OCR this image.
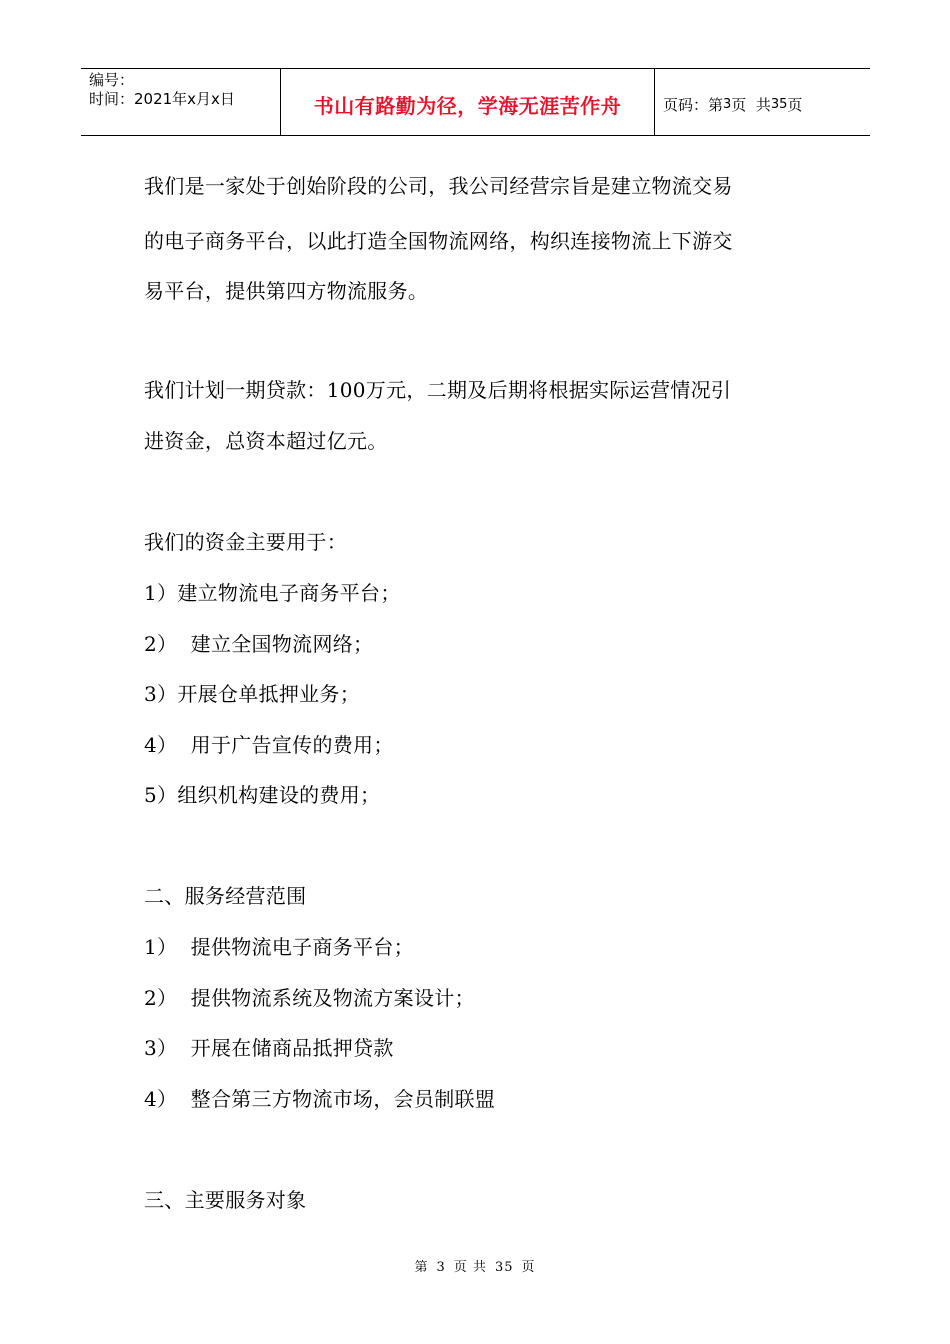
编号：
时间：2021年x月x日	书山有路勤为径，学海无涯苦作舟	页码：第 3 页  共 35 页
我们是一家处于创始阶段的公司，我公司经营宗旨是建立物流交易
的电子商务平台，以此打造全国物流网络，构织连接物流上下游交
易平台，提供第四方物流服务。
我们计划一期贷款：100万元，二期及后期将根据实际运营情况引
进资金，总资本超过亿元。
我们的资金主要用于：
1）建立物流电子商务平台；
2）  建立全国物流网络；
3）开展仓单抵押业务；
4）  用于广告宣传的费用；
5）组织机构建设的费用；
二、服务经营范围
1）  提供物流电子商务平台；
2）  提供物流系统及物流方案设计；
3）  开展在储商品抵押贷款
4）  整合第三方物流市场，会员制联盟
三、主要服务对象
第 3 页 共 35 页
